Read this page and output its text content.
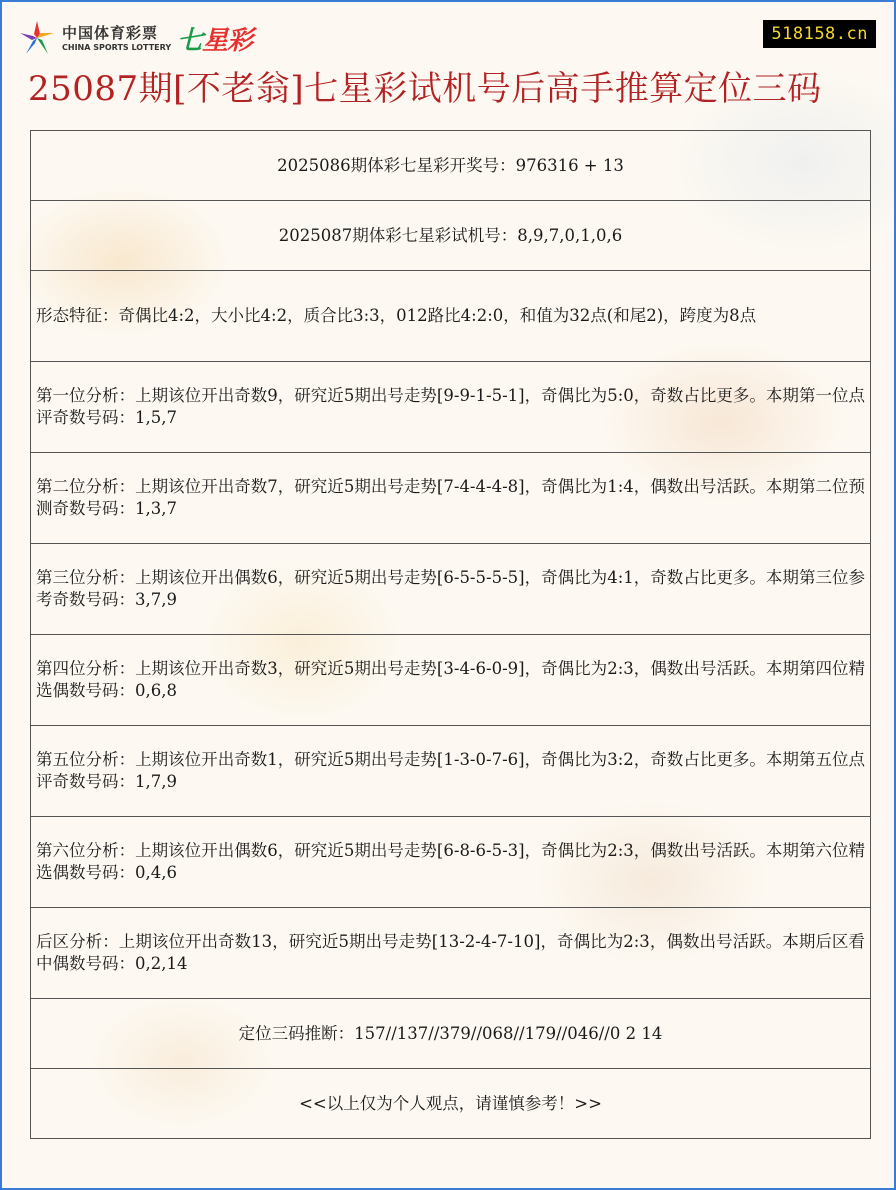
中国体育彩票
CHINA SPORTS LOTTERY 七星彩	518158.cn
25087期[不老翁]七星彩试机号后高手推算定位三码
2025086期体彩七星彩开奖号：976316 + 13
2025087期体彩七星彩试机号：8,9,7,0,1,0,6
形态特征：奇偶比4:2，大小比4:2，质合比3:3，012路比4:2:0，和值为32点(和尾2)，跨度为8点
第一位分析：上期该位开出奇数9，研究近5期出号走势[9-9-1-5-1]，奇偶比为5:0，奇数占比更多。本期第一位点评奇数号码：1,5,7
第二位分析：上期该位开出奇数7，研究近5期出号走势[7-4-4-4-8]，奇偶比为1:4，偶数出号活跃。本期第二位预测奇数号码：1,3,7
第三位分析：上期该位开出偶数6，研究近5期出号走势[6-5-5-5-5]，奇偶比为4:1，奇数占比更多。本期第三位参考奇数号码：3,7,9
第四位分析：上期该位开出奇数3，研究近5期出号走势[3-4-6-0-9]，奇偶比为2:3，偶数出号活跃。本期第四位精选偶数号码：0,6,8
第五位分析：上期该位开出奇数1，研究近5期出号走势[1-3-0-7-6]，奇偶比为3:2，奇数占比更多。本期第五位点评奇数号码：1,7,9
第六位分析：上期该位开出偶数6，研究近5期出号走势[6-8-6-5-3]，奇偶比为2:3，偶数出号活跃。本期第六位精选偶数号码：0,4,6
后区分析：上期该位开出奇数13，研究近5期出号走势[13-2-4-7-10]，奇偶比为2:3，偶数出号活跃。本期后区看中偶数号码：0,2,14
定位三码推断：157//137//379//068//179//046//0 2 14
<<以上仅为个人观点，请谨慎参考！>>
